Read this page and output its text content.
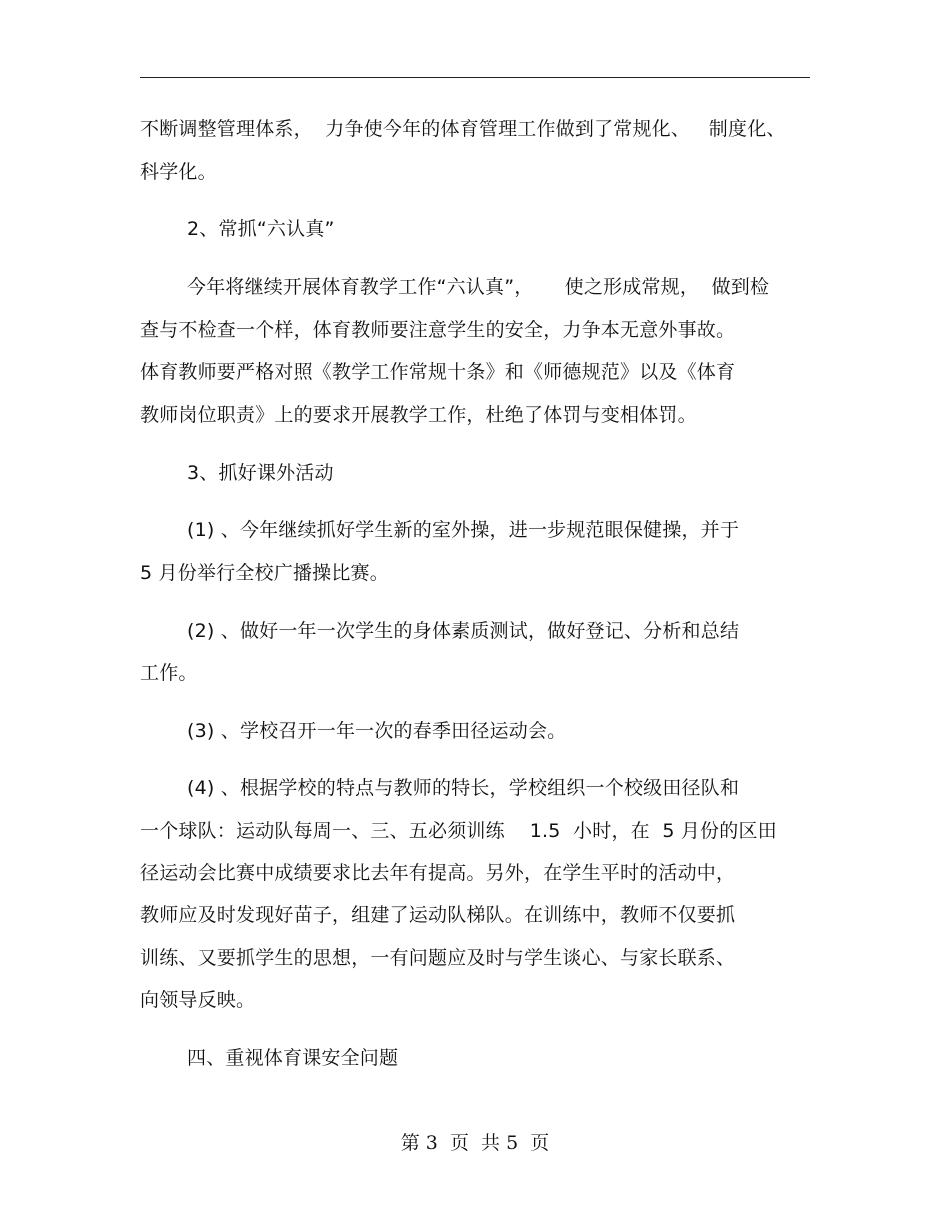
不断调整管理体系，  力争使今年的体育管理工作做到了常规化、   制度化、
科学化。
2、常抓“六认真”
今年将继续开展体育教学工作“六认真”，     使之形成常规，  做到检
查与不检查一个样，体育教师要注意学生的安全，力争本无意外事故。
体育教师要严格对照《教学工作常规十条》和《师德规范》以及《体育
教师岗位职责》上的要求开展教学工作，杜绝了体罚与变相体罚。
3、抓好课外活动
(1) 、今年继续抓好学生新的室外操，进一步规范眼保健操，并于
5 月份举行全校广播操比赛。
(2) 、做好一年一次学生的身体素质测试，做好登记、分析和总结
工作。
(3) 、学校召开一年一次的春季田径运动会。
(4) 、根据学校的特点与教师的特长，学校组织一个校级田径队和
一个球队：运动队每周一、三、五必须训练    1.5  小时，在  5 月份的区田
径运动会比赛中成绩要求比去年有提高。另外，在学生平时的活动中，
教师应及时发现好苗子，组建了运动队梯队。在训练中，教师不仅要抓
训练、又要抓学生的思想，一有问题应及时与学生谈心、与家长联系、
向领导反映。
四、重视体育课安全问题
第 3  页  共 5  页
